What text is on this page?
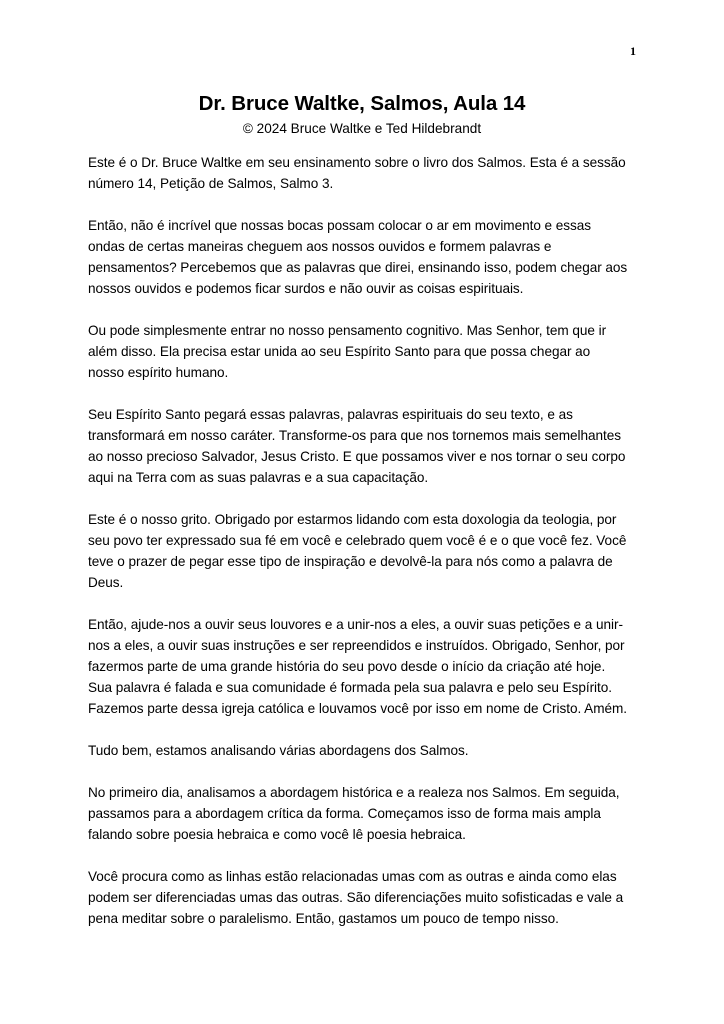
1
Dr. Bruce Waltke, Salmos, Aula 14

© 2024 Bruce Waltke e Ted Hildebrandt

Este é o Dr. Bruce Waltke em seu ensinamento sobre o livro dos Salmos. Esta é a sessão número 14, Petição de Salmos, Salmo 3.

Então, não é incrível que nossas bocas possam colocar o ar em movimento e essas ondas de certas maneiras cheguem aos nossos ouvidos e formem palavras e pensamentos? Percebemos que as palavras que direi, ensinando isso, podem chegar aos nossos ouvidos e podemos ficar surdos e não ouvir as coisas espirituais.

Ou pode simplesmente entrar no nosso pensamento cognitivo. Mas Senhor, tem que ir além disso. Ela precisa estar unida ao seu Espírito Santo para que possa chegar ao nosso espírito humano.

Seu Espírito Santo pegará essas palavras, palavras espirituais do seu texto, e as transformará em nosso caráter. Transforme-os para que nos tornemos mais semelhantes ao nosso precioso Salvador, Jesus Cristo. E que possamos viver e nos tornar o seu corpo aqui na Terra com as suas palavras e a sua capacitação.

Este é o nosso grito. Obrigado por estarmos lidando com esta doxologia da teologia, por seu povo ter expressado sua fé em você e celebrado quem você é e o que você fez. Você teve o prazer de pegar esse tipo de inspiração e devolvê-la para nós como a palavra de Deus.

Então, ajude-nos a ouvir seus louvores e a unir-nos a eles, a ouvir suas petições e a unir-nos a eles, a ouvir suas instruções e ser repreendidos e instruídos. Obrigado, Senhor, por fazermos parte de uma grande história do seu povo desde o início da criação até hoje. Sua palavra é falada e sua comunidade é formada pela sua palavra e pelo seu Espírito. Fazemos parte dessa igreja católica e louvamos você por isso em nome de Cristo. Amém.

Tudo bem, estamos analisando várias abordagens dos Salmos.

No primeiro dia, analisamos a abordagem histórica e a realeza nos Salmos. Em seguida, passamos para a abordagem crítica da forma. Começamos isso de forma mais ampla falando sobre poesia hebraica e como você lê poesia hebraica.

Você procura como as linhas estão relacionadas umas com as outras e ainda como elas podem ser diferenciadas umas das outras. São diferenciações muito sofisticadas e vale a pena meditar sobre o paralelismo. Então, gastamos um pouco de tempo nisso.
